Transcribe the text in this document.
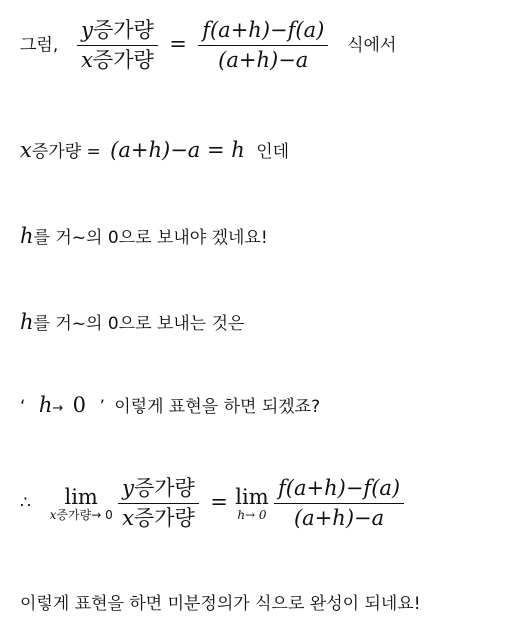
그럼, $\frac{\text{y증가량}}{\text{x증가량}} = \frac{f(a+h)-f(a)}{(a+h)-a}$ 식에서
x증가량 = (a+h)−a = h 인데
h를 거~의 0으로 보내야 겠네요!
h를 거~의 0으로 보내는 것은
‘ h→ 0 ’ 이렇게 표현을 하면 되겠죠?
∴	lim
x증가량→ 0
$\frac{\text{y증가량}}{\text{x증가량}} = \lim$
h→ 0
$\frac{f(a+h)-f(a)}{(a+h)-a}$
이렇게 표현을 하면 미분정의가 식으로 완성이 되네요!
